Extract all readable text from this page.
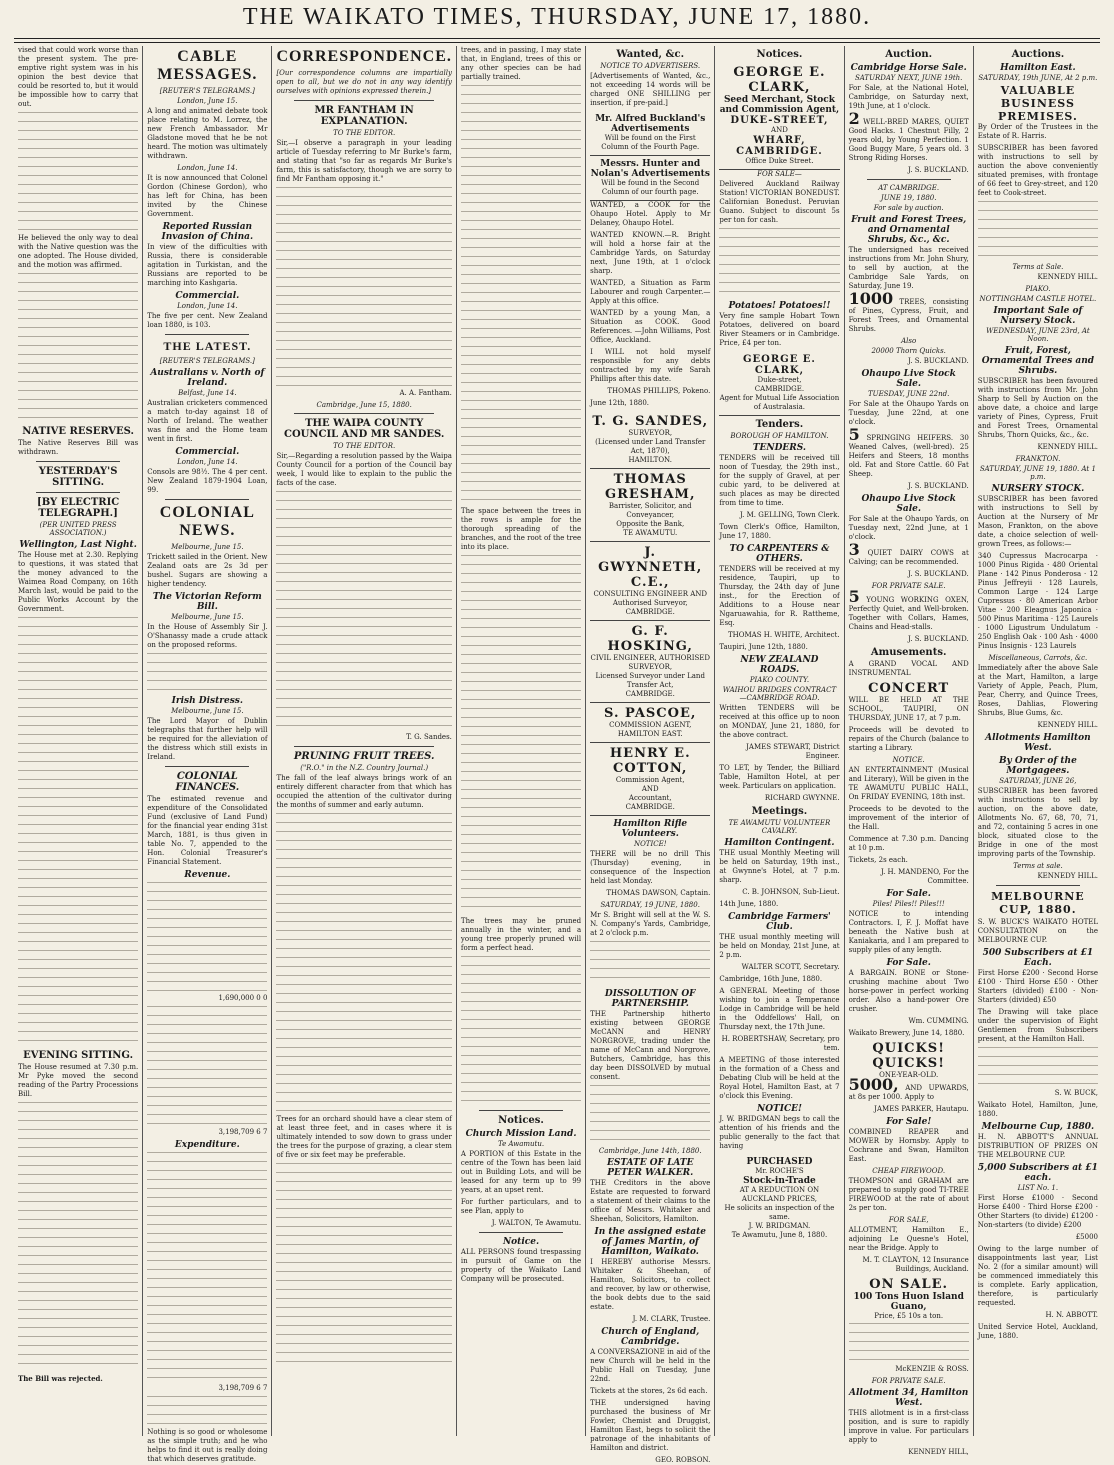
THE WAIKATO TIMES, THURSDAY, JUNE 17, 1880.

vised that could work worse than the present system. The pre-emptive right system was in his opinion the best device that could be resorted to, but it would be impossible how to carry that out.

He believed the only way to deal with the Native question was the one adopted. The House divided, and the motion was affirmed.

NATIVE RESERVES.

The Native Reserves Bill was withdrawn.

YESTERDAY'S SITTING.
[BY ELECTRIC TELEGRAPH.]
(PER UNITED PRESS ASSOCIATION.)
Wellington, Last Night.

The House met at 2.30. Replying to questions, it was stated that the money advanced to the Waimea Road Company, on 16th March last, would be paid to the Public Works Account by the Government.

EVENING SITTING.

The House resumed at 7.30 p.m. Mr Pyke moved the second reading of the Partry Processions Bill.

The Bill was rejected.

CABLE MESSAGES.
[REUTER'S TELEGRAMS.]
London, June 15.

A long and animated debate took place relating to M. Lorrez, the new French Ambassador. Mr Gladstone moved that he be not heard. The motion was ultimately withdrawn.

London, June 14.

It is now announced that Colonel Gordon (Chinese Gordon), who has left for China, has been invited by the Chinese Government.

Reported Russian Invasion of China.

In view of the difficulties with Russia, there is considerable agitation in Turkistan, and the Russians are reported to be marching into Kashgaria.

Commercial.
London, June 14.

The five per cent. New Zealand loan 1880, is 103.

THE LATEST.
[REUTER'S TELEGRAMS.]
Australians v. North of Ireland.
Belfast, June 14.

Australian cricketers commenced a match to-day against 18 of North of Ireland. The weather was fine and the Home team went in first.

Commercial.
London, June 14.

Consols are 98½. The 4 per cent. New Zealand 1879-1904 Loan, 99.

COLONIAL NEWS.
Melbourne, June 15.

Trickett sailed in the Orient. New Zealand oats are 2s 3d per bushel. Sugars are showing a higher tendency.

The Victorian Reform Bill.
Melbourne, June 15.

In the House of Assembly Sir J. O'Shanassy made a crude attack on the proposed reforms.

Irish Distress.
Melbourne, June 15.

The Lord Mayor of Dublin telegraphs that further help will be required for the alleviation of the distress which still exists in Ireland.

COLONIAL FINANCES.

The estimated revenue and expenditure of the Consolidated Fund (exclusive of Land Fund) for the financial year ending 31st March, 1881, is thus given in table No. 7, appended to the Hon. Colonial Treasurer's Financial Statement.

Revenue.

1,690,000 0 0

3,198,709 6 7

Expenditure.

3,198,709 6 7

Nothing is so good or wholesome as the simple truth; and he who helps to find it out is really doing that which deserves gratitude.

CORRESPONDENCE.

[Our correspondence columns are impartially open to all, but we do not in any way identify ourselves with opinions expressed therein.]

MR FANTHAM IN EXPLANATION.
TO THE EDITOR.

Sir,—I observe a paragraph in your leading article of Tuesday referring to Mr Burke's farm, and stating that "so far as regards Mr Burke's farm, this is satisfactory, though we are sorry to find Mr Fantham opposing it."

A. A. Fantham.

Cambridge, June 15, 1880.
THE WAIPA COUNTY COUNCIL AND MR SANDES.
TO THE EDITOR.

Sir,—Regarding a resolution passed by the Waipa County Council for a portion of the Council bay week, I would like to explain to the public the facts of the case.

T. G. Sandes.

PRUNING FRUIT TREES.
("R.O." in the N.Z. Country Journal.)

The fall of the leaf always brings work of an entirely different character from that which has occupied the attention of the cultivator during the months of summer and early autumn.

Trees for an orchard should have a clear stem of at least three feet, and in cases where it is ultimately intended to sow down to grass under the trees for the purpose of grazing, a clear stem of five or six feet may be preferable.

trees, and in passing, I may state that, in England, trees of this or any other species can be had partially trained.

The space between the trees in the rows is ample for the thorough spreading of the branches, and the root of the tree into its place.

The trees may be pruned annually in the winter, and a young tree properly pruned will form a perfect head.

Notices.
Church Mission Land.
Te Awamutu.

A PORTION of this Estate in the centre of the Town has been laid out in Building Lots, and will be leased for any term up to 99 years, at an upset rent.

For further particulars, and to see Plan, apply to

J. WALTON, Te Awamutu.

Notice.

ALL PERSONS found trespassing in pursuit of Game on the property of the Waikato Land Company will be prosecuted.

Wanted, &c.
NOTICE TO ADVERTISERS.

[Advertisements of Wanted, &c., not exceeding 14 words will be charged ONE SHILLING per insertion, if pre-paid.]

Mr. Alfred Buckland's Advertisements
Will be found on the First Column of the Fourth Page.
Messrs. Hunter and Nolan's Advertisements
Will be found in the Second Column of our fourth page.

WANTED, a COOK for the Ohaupo Hotel. Apply to Mr Delaney, Ohaupo Hotel.

WANTED KNOWN.—R. Bright will hold a horse fair at the Cambridge Yards, on Saturday next, June 19th, at 1 o'clock sharp.

WANTED, a Situation as Farm Labourer and rough Carpenter.—Apply at this office.

WANTED by a young Man, a Situation as COOK. Good References. —John Williams, Post Office, Auckland.

I WILL not hold myself responsible for any debts contracted by my wife Sarah Phillips after this date.

THOMAS PHILLIPS, Pokeno.

June 12th, 1880.

T. G. SANDES,
SURVEYOR,
(Licensed under Land Transfer Act, 1870),
HAMILTON.
THOMAS GRESHAM,
Barrister, Solicitor, and Conveyancer,
Opposite the Bank,
TE AWAMUTU.
J. GWYNNETH, C.E.,
CONSULTING ENGINEER AND Authorised Surveyor,
CAMBRIDGE.
G. F. HOSKING,
CIVIL ENGINEER, AUTHORISED SURVEYOR,
Licensed Surveyor under Land Transfer Act,
CAMBRIDGE.
S. PASCOE,
COMMISSION AGENT,
HAMILTON EAST.
HENRY E. COTTON,
Commission Agent,
AND
Accountant,
CAMBRIDGE.
Hamilton Rifle Volunteers.
NOTICE!

THERE will be no drill This (Thursday) evening, in consequence of the Inspection held last Monday.

THOMAS DAWSON, Captain.

SATURDAY, 19 JUNE, 1880.

Mr S. Bright will sell at the W. S. N. Company's Yards, Cambridge, at 2 o'clock p.m.

DISSOLUTION OF PARTNERSHIP.

THE Partnership hitherto existing between GEORGE McCANN and HENRY NORGROVE, trading under the name of McCann and Norgrove, Butchers, Cambridge, has this day been DISSOLVED by mutual consent.

Cambridge, June 14th, 1880.
ESTATE OF LATE PETER WALKER.

THE Creditors in the above Estate are requested to forward a statement of their claims to the office of Messrs. Whitaker and Sheehan, Solicitors, Hamilton.

In the assigned estate of James Martin, of Hamilton, Waikato.

I HEREBY authorise Messrs. Whitaker & Sheehan, of Hamilton, Solicitors, to collect and recover, by law or otherwise, the book debts due to the said estate.

J. M. CLARK, Trustee.

Church of England, Cambridge.

A CONVERSAZIONE in aid of the new Church will be held in the Public Hall on Tuesday, June 22nd.

Tickets at the stores, 2s 6d each.

THE undersigned having purchased the business of Mr Fowler, Chemist and Druggist, Hamilton East, begs to solicit the patronage of the inhabitants of Hamilton and district.

GEO. ROBSON.

Notices.
GEORGE E. CLARK,
Seed Merchant, Stock and Commission Agent,
DUKE-STREET,
AND
WHARF,
CAMBRIDGE.
Office Duke Street.
FOR SALE—

Delivered Auckland Railway Station! VICTORIAN BONEDUST. Californian Bonedust. Peruvian Guano. Subject to discount 5s per ton for cash.

Potatoes! Potatoes!!

Very fine sample Hobart Town Potatoes, delivered on board River Steamers or in Cambridge. Price, £4 per ton.

GEORGE E. CLARK,
Duke-street,
CAMBRIDGE.
Agent for Mutual Life Association of Australasia.
Tenders.
BOROUGH OF HAMILTON.
TENDERS.

TENDERS will be received till noon of Tuesday, the 29th inst., for the supply of Gravel, at per cubic yard, to be delivered at such places as may be directed from time to time.

J. M. GELLING, Town Clerk.

Town Clerk's Office, Hamilton, June 17, 1880.

TO CARPENTERS & OTHERS.

TENDERS will be received at my residence, Taupiri, up to Thursday, the 24th day of June inst., for the Erection of Additions to a House near Ngaruawahia, for R. Rattheme, Esq.

THOMAS H. WHITE, Architect.

Taupiri, June 12th, 1880.

NEW ZEALAND ROADS.
PIAKO COUNTY.
WAIHOU BRIDGES CONTRACT—CAMBRIDGE ROAD.

Written TENDERS will be received at this office up to noon on MONDAY, June 21, 1880, for the above contract.

JAMES STEWART, District Engineer.

TO LET, by Tender, the Billiard Table, Hamilton Hotel, at per week. Particulars on application.

RICHARD GWYNNE.

Meetings.
TE AWAMUTU VOLUNTEER CAVALRY.
Hamilton Contingent.

THE usual Monthly Meeting will be held on Saturday, 19th inst., at Gwynne's Hotel, at 7 p.m. sharp.

C. B. JOHNSON, Sub-Lieut.

14th June, 1880.

Cambridge Farmers' Club.

THE usual monthly meeting will be held on Monday, 21st June, at 2 p.m.

WALTER SCOTT, Secretary.

Cambridge, 16th June, 1880.

A GENERAL Meeting of those wishing to join a Temperance Lodge in Cambridge will be held in the Oddfellows' Hall, on Thursday next, the 17th June.

H. ROBERTSHAW, Secretary, pro tem.

A MEETING of those interested in the formation of a Chess and Debating Club will be held at the Royal Hotel, Hamilton East, at 7 o'clock this Evening.

NOTICE!

J. W. BRIDGMAN begs to call the attention of his friends and the public generally to the fact that having

PURCHASED
Mr. ROCHE'S
Stock-in-Trade
AT A REDUCTION ON AUCKLAND PRICES,
He solicits an inspection of the same.
J. W. BRIDGMAN.
Te Awamutu, June 8, 1880.
Auction.
Cambridge Horse Sale.
SATURDAY NEXT, JUNE 19th.

For Sale, at the National Hotel, Cambridge, on Saturday next, 19th June, at 1 o'clock.

2 WELL-BRED MARES, QUIET Good Hacks. 1 Chestnut Filly, 2 years old, by Young Perfection. 1 Good Buggy Mare, 5 years old. 3 Strong Riding Horses.

J. S. BUCKLAND.

AT CAMBRIDGE.
JUNE 19, 1880.
For sale by auction.
Fruit and Forest Trees, and Ornamental Shrubs, &c., &c.

The undersigned has received instructions from Mr. John Shury, to sell by auction, at the Cambridge Sale Yards, on Saturday, June 19.

1000 TREES, consisting of Pines, Cypress, Fruit, and Forest Trees, and Ornamental Shrubs.

Also
20000 Thorn Quicks.

J. S. BUCKLAND.

Ohaupo Live Stock Sale.
TUESDAY, JUNE 22nd.

For Sale at the Ohaupo Yards on Tuesday, June 22nd, at one o'clock.

5 SPRINGING HEIFERS. 30 Weaned Calves, (well-bred). 25 Heifers and Steers, 18 months old. Fat and Store Cattle. 60 Fat Sheep.

J. S. BUCKLAND.

Ohaupo Live Stock Sale.

For Sale at the Ohaupo Yards, on Tuesday next, 22nd June, at 1 o'clock.

3 QUIET DAIRY COWS at Calving; can be recommended.

J. S. BUCKLAND.

FOR PRIVATE SALE.

5 YOUNG WORKING OXEN, Perfectly Quiet, and Well-broken. Together with Collars, Hames, Chains and Head-stalls.

J. S. BUCKLAND.

Amusements.

A GRAND VOCAL AND INSTRUMENTAL

CONCERT

WILL BE HELD AT THE SCHOOL, TAUPIRI, ON THURSDAY, JUNE 17, at 7 p.m.

Proceeds will be devoted to repairs of the Church (balance to starting a Library.

NOTICE.

AN ENTERTAINMENT (Musical and Literary), Will be given in the TE AWAMUTU PUBLIC HALL, On FRIDAY EVENING, 18th inst.

Proceeds to be devoted to the improvement of the interior of the Hall.

Commence at 7.30 p.m. Dancing at 10 p.m.

Tickets, 2s each.

J. H. MANDENO, For the Committee.

For Sale.
Piles! Piles!! Piles!!!

NOTICE to intending Contractors. I, F. J. Moffat have beneath the Native bush at Kaniakaria, and I am prepared to supply piles of any length.

For Sale.

A BARGAIN. BONE or Stone-crushing machine about Two horse-power in perfect working order. Also a hand-power Ore crusher.

Wm. CUMMING.

Waikato Brewery, June 14, 1880.

QUICKS! QUICKS!
ONE-YEAR-OLD.

5000, AND UPWARDS, at 8s per 1000. Apply to

JAMES PARKER, Hautapu.

For Sale!

COMBINED REAPER and MOWER by Hornsby. Apply to Cochrane and Swan, Hamilton East.

CHEAP FIREWOOD.

THOMPSON and GRAHAM are prepared to supply good TI-TREE FIREWOOD at the rate of about 2s per ton.

FOR SALE,

ALLOTMENT, Hamilton E., adjoining Le Quesne's Hotel, near the Bridge. Apply to

M. T. CLAYTON, 12 Insurance Buildings, Auckland.

ON SALE.
100 Tons Huon Island Guano,
Price, £5 10s a ton.

McKENZIE & ROSS.

FOR PRIVATE SALE.
Allotment 34, Hamilton West.

THIS allotment is in a first-class position, and is sure to rapidly improve in value. For particulars apply to

KENNEDY HILL,

Auctions.
Hamilton East.
SATURDAY, 19th JUNE, At 2 p.m.
VALUABLE BUSINESS PREMISES.

By Order of the Trustees in the Estate of R. Harris.

SUBSCRIBER has been favored with instructions to sell by auction the above conveniently situated premises, with frontage of 66 feet to Grey-street, and 120 feet to Cook-street.

Terms at Sale.

KENNEDY HILL.

PIAKO.
NOTTINGHAM CASTLE HOTEL.
Important Sale of Nursery Stock.
WEDNESDAY, JUNE 23rd, At Noon.
Fruit, Forest, Ornamental Trees and Shrubs.

SUBSCRIBER has been favoured with instructions from Mr. John Sharp to Sell by Auction on the above date, a choice and large variety of Pines, Cypress, Fruit and Forest Trees, Ornamental Shrubs, Thorn Quicks, &c., &c.

KENNEDY HILL.

FRANKTON.
SATURDAY, JUNE 19, 1880. At 1 p.m.
NURSERY STOCK.

SUBSCRIBER has been favored with instructions to Sell by Auction at the Nursery of Mr Mason, Frankton, on the above date, a choice selection of well-grown Trees, as follows:—

340 Cupressus Macrocarpa · 1000 Pinus Rigida · 480 Oriental Plane · 142 Pinus Ponderosa · 12 Pinus Jeffreyii · 128 Laurels, Common Large · 124 Large Cupressus · 80 American Arbor Vitae · 200 Eleagnus Japonica · 500 Pinus Maritima · 125 Laurels · 1000 Ligustrum Undulatum · 250 English Oak · 100 Ash · 4000 Pinus Insignis · 123 Laurels

Miscellaneous, Carrots, &c.

Immediately after the above Sale at the Mart, Hamilton, a large Variety of Apple, Peach, Plum, Pear, Cherry, and Quince Trees, Roses, Dahlias, Flowering Shrubs, Blue Gums, &c.

KENNEDY HILL.

Allotments Hamilton West.
By Order of the Mortgagees.
SATURDAY, JUNE 26,

SUBSCRIBER has been favored with instructions to sell by auction, on the above date, Allotments No. 67, 68, 70, 71, and 72, containing 5 acres in one block, situated close to the Bridge in one of the most improving parts of the Township.

Terms at sale.

KENNEDY HILL.

MELBOURNE CUP, 1880.

S. W. BUCK'S WAIKATO HOTEL CONSULTATION on the MELBOURNE CUP.

500 Subscribers at £1 Each.

First Horse £200 · Second Horse £100 · Third Horse £50 · Other Starters (divided) £100 · Non-Starters (divided) £50

The Drawing will take place under the supervision of Eight Gentlemen from Subscribers present, at the Hamilton Hall.

S. W. BUCK,

Waikato Hotel, Hamilton, June, 1880.

Melbourne Cup, 1880.

H. N. ABBOTT'S ANNUAL DISTRIBUTION OF PRIZES ON THE MELBOURNE CUP.

5,000 Subscribers at £1 each.
LIST No. 1.

First Horse £1000 · Second Horse £400 · Third Horse £200 · Other Starters (to divide) £1200 · Non-starters (to divide) £200

£5000

Owing to the large number of disappointments last year, List No. 2 (for a similar amount) will be commenced immediately this is complete. Early application, therefore, is particularly requested.

H. N. ABBOTT.

United Service Hotel, Auckland, June, 1880.
